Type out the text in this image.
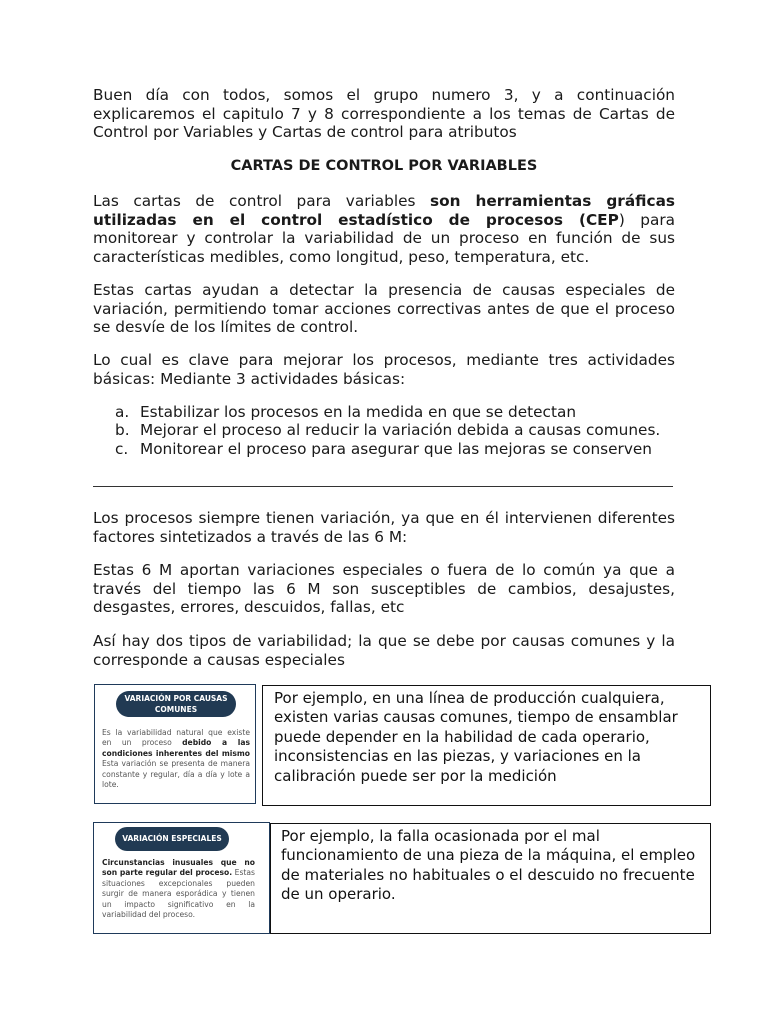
Buen día con todos, somos el grupo numero 3, y a continuación explicaremos el capitulo 7 y 8 correspondiente a los temas de Cartas de Control por Variables y Cartas de control para atributos

CARTAS DE CONTROL POR VARIABLES

Las cartas de control para variables son herramientas gráficas utilizadas en el control estadístico de procesos (CEP) para monitorear y controlar la variabilidad de un proceso en función de sus características medibles, como longitud, peso, temperatura, etc.

Estas cartas ayudan a detectar la presencia de causas especiales de variación, permitiendo tomar acciones correctivas antes de que el proceso se desvíe de los límites de control.

Lo cual es clave para mejorar los procesos, mediante tres actividades básicas: Mediante 3 actividades básicas:

a. Estabilizar los procesos en la medida en que se detectan
b. Mejorar el proceso al reducir la variación debida a causas comunes.
c. Monitorear el proceso para asegurar que las mejoras se conserven

Los procesos siempre tienen variación, ya que en él intervienen diferentes factores sintetizados a través de las 6 M:

Estas 6 M aportan variaciones especiales o fuera de lo común ya que a través del tiempo las 6 M son susceptibles de cambios, desajustes, desgastes, errores, descuidos, fallas, etc

Así hay dos tipos de variabilidad; la que se debe por causas comunes y la corresponde a causas especiales

VARIACIÓN POR CAUSAS COMUNES

Es la variabilidad natural que existe en un proceso debido a las condiciones inherentes del mismo Esta variación se presenta de manera constante y regular, día a día y lote a lote.

Por ejemplo, en una línea de producción cualquiera, existen varias causas comunes, tiempo de ensamblar puede depender en la habilidad de cada operario, inconsistencias en las piezas, y variaciones en la calibración puede ser por la medición

VARIACIÓN ESPECIALES

Circunstancias inusuales que no son parte regular del proceso. Estas situaciones excepcionales pueden surgir de manera esporádica y tienen un impacto significativo en la variabilidad del proceso.

Por ejemplo, la falla ocasionada por el mal funcionamiento de una pieza de la máquina, el empleo de materiales no habituales o el descuido no frecuente de un operario.
